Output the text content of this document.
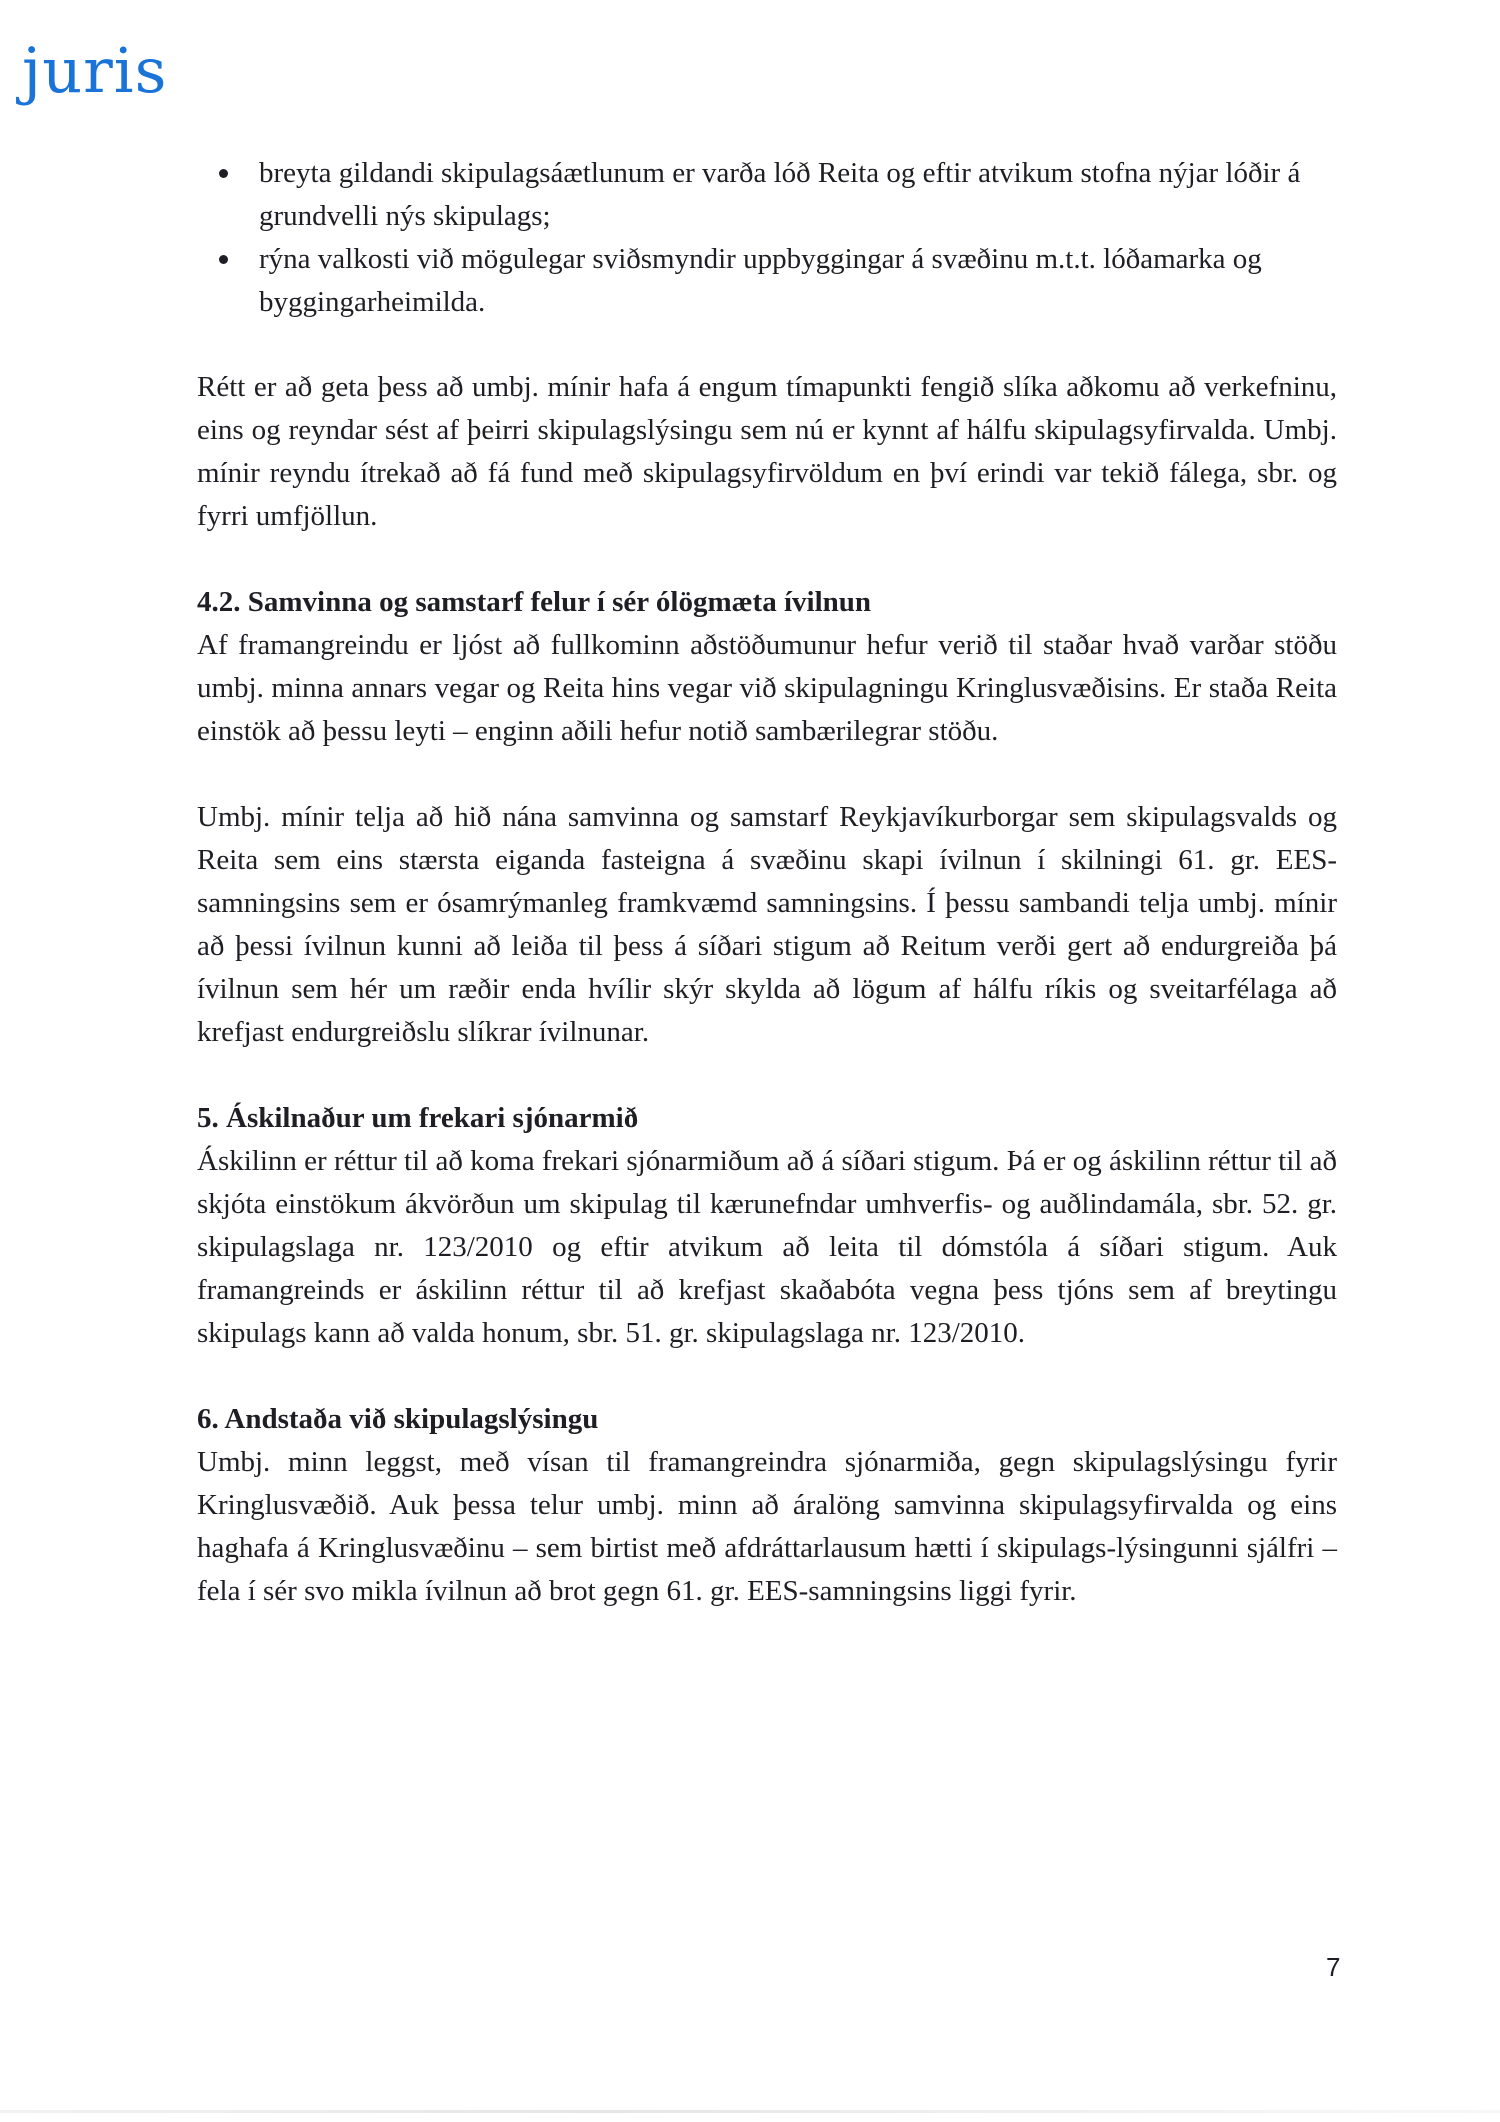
juris
breyta gildandi skipulagsáætlunum er varða lóð Reita og eftir atvikum stofna nýjar lóðir á grundvelli nýs skipulags;
rýna valkosti við mögulegar sviðsmyndir uppbyggingar á svæðinu m.t.t. lóðamarka og byggingarheimilda.

Rétt er að geta þess að umbj. mínir hafa á engum tímapunkti fengið slíka aðkomu að verkefninu, eins og reyndar sést af þeirri skipulagslýsingu sem nú er kynnt af hálfu skipulagsyfirvalda. Umbj. mínir reyndu ítrekað að fá fund með skipulagsyfirvöldum en því erindi var tekið fálega, sbr. og fyrri umfjöllun.

4.2. Samvinna og samstarf felur í sér ólögmæta ívilnun

Af framangreindu er ljóst að fullkominn aðstöðumunur hefur verið til staðar hvað varðar stöðu umbj. minna annars vegar og Reita hins vegar við skipulagningu Kringlusvæðisins. Er staða Reita einstök að þessu leyti – enginn aðili hefur notið sambærilegrar stöðu.

Umbj. mínir telja að hið nána samvinna og samstarf Reykjavíkurborgar sem skipulagsvalds og Reita sem eins stærsta eiganda fasteigna á svæðinu skapi ívilnun í skilningi 61. gr. EES-samningsins sem er ósamrýmanleg framkvæmd samningsins. Í þessu sambandi telja umbj. mínir að þessi ívilnun kunni að leiða til þess á síðari stigum að Reitum verði gert að endurgreiða þá ívilnun sem hér um ræðir enda hvílir skýr skylda að lögum af hálfu ríkis og sveitarfélaga að krefjast endurgreiðslu slíkrar ívilnunar.

5. Áskilnaður um frekari sjónarmið

Áskilinn er réttur til að koma frekari sjónarmiðum að á síðari stigum. Þá er og áskilinn réttur til að skjóta einstökum ákvörðun um skipulag til kærunefndar umhverfis- og auðlindamála, sbr. 52. gr. skipulagslaga nr. 123/2010 og eftir atvikum að leita til dómstóla á síðari stigum. Auk framangreinds er áskilinn réttur til að krefjast skaðabóta vegna þess tjóns sem af breytingu skipulags kann að valda honum, sbr. 51. gr. skipulagslaga nr. 123/2010.

6. Andstaða við skipulagslýsingu

Umbj. minn leggst, með vísan til framangreindra sjónarmiða, gegn skipulagslýsingu fyrir Kringlusvæðið. Auk þessa telur umbj. minn að áralöng samvinna skipulagsyfirvalda og eins haghafa á Kringlusvæðinu – sem birtist með afdráttarlausum hætti í skipulags-lýsingunni sjálfri – fela í sér svo mikla ívilnun að brot gegn 61. gr. EES-samningsins liggi fyrir.

7
